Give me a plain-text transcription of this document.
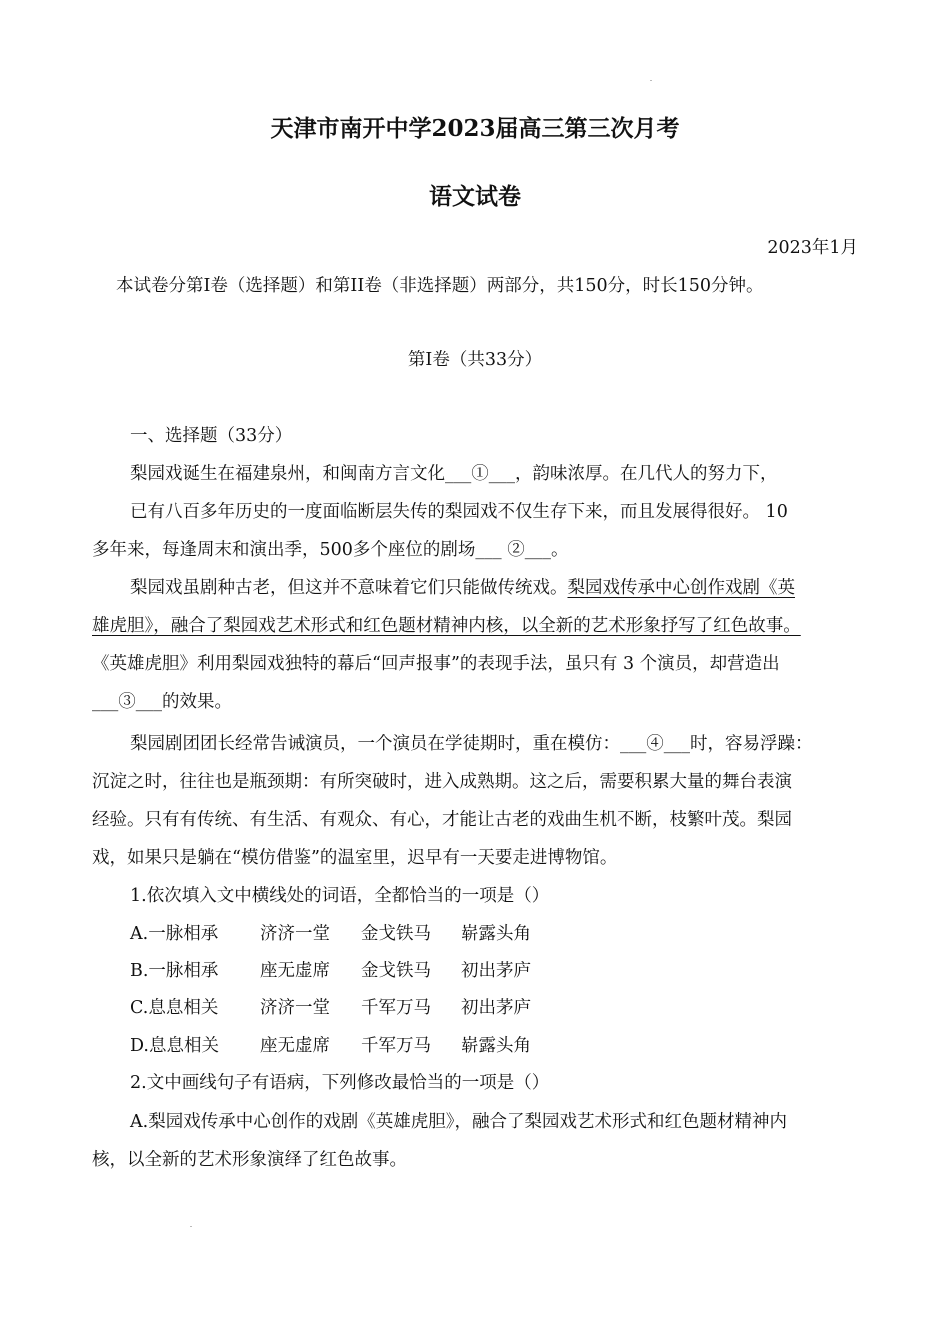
天津市南开中学2023届高三第三次月考
语文试卷
2023年1月
本试卷分第I卷（选择题）和第II卷（非选择题）两部分，共150分，时长150分钟。
第I卷（共33分）
一、选择题（33分）
梨园戏诞生在福建泉州，和闽南方言文化___①___，韵味浓厚。在几代人的努力下，
已有八百多年历史的一度面临断层失传的梨园戏不仅生存下来，而且发展得很好。 10
多年来，每逢周末和演出季，500多个座位的剧场___ ②___。
梨园戏虽剧种古老，但这并不意味着它们只能做传统戏。梨园戏传承中心创作戏剧《英
雄虎胆》，融合了梨园戏艺术形式和红色题材精神内核，以全新的艺术形象抒写了红色故事。
《英雄虎胆》利用梨园戏独特的幕后“回声报事”的表现手法，虽只有 3 个演员，却营造出
___③___的效果。
梨园剧团团长经常告诫演员，一个演员在学徒期时，重在模仿：___④___时，容易浮躁：
沉淀之时，往往也是瓶颈期：有所突破时，进入成熟期。这之后，需要积累大量的舞台表演
经验。只有有传统、有生活、有观众、有心，才能让古老的戏曲生机不断，枝繁叶茂。梨园
戏，如果只是躺在“模仿借鉴”的温室里，迟早有一天要走进博物馆。
1.依次填入文中横线处的词语，全都恰当的一项是（）
A.一脉相承 济济一堂 金戈铁马 崭露头角
B.一脉相承 座无虚席 金戈铁马 初出茅庐
C.息息相关 济济一堂 千军万马 初出茅庐
D.息息相关 座无虚席 千军万马 崭露头角
2.文中画线句子有语病，下列修改最恰当的一项是（）
A.梨园戏传承中心创作的戏剧《英雄虎胆》，融合了梨园戏艺术形式和红色题材精神内
核，以全新的艺术形象演绎了红色故事。
